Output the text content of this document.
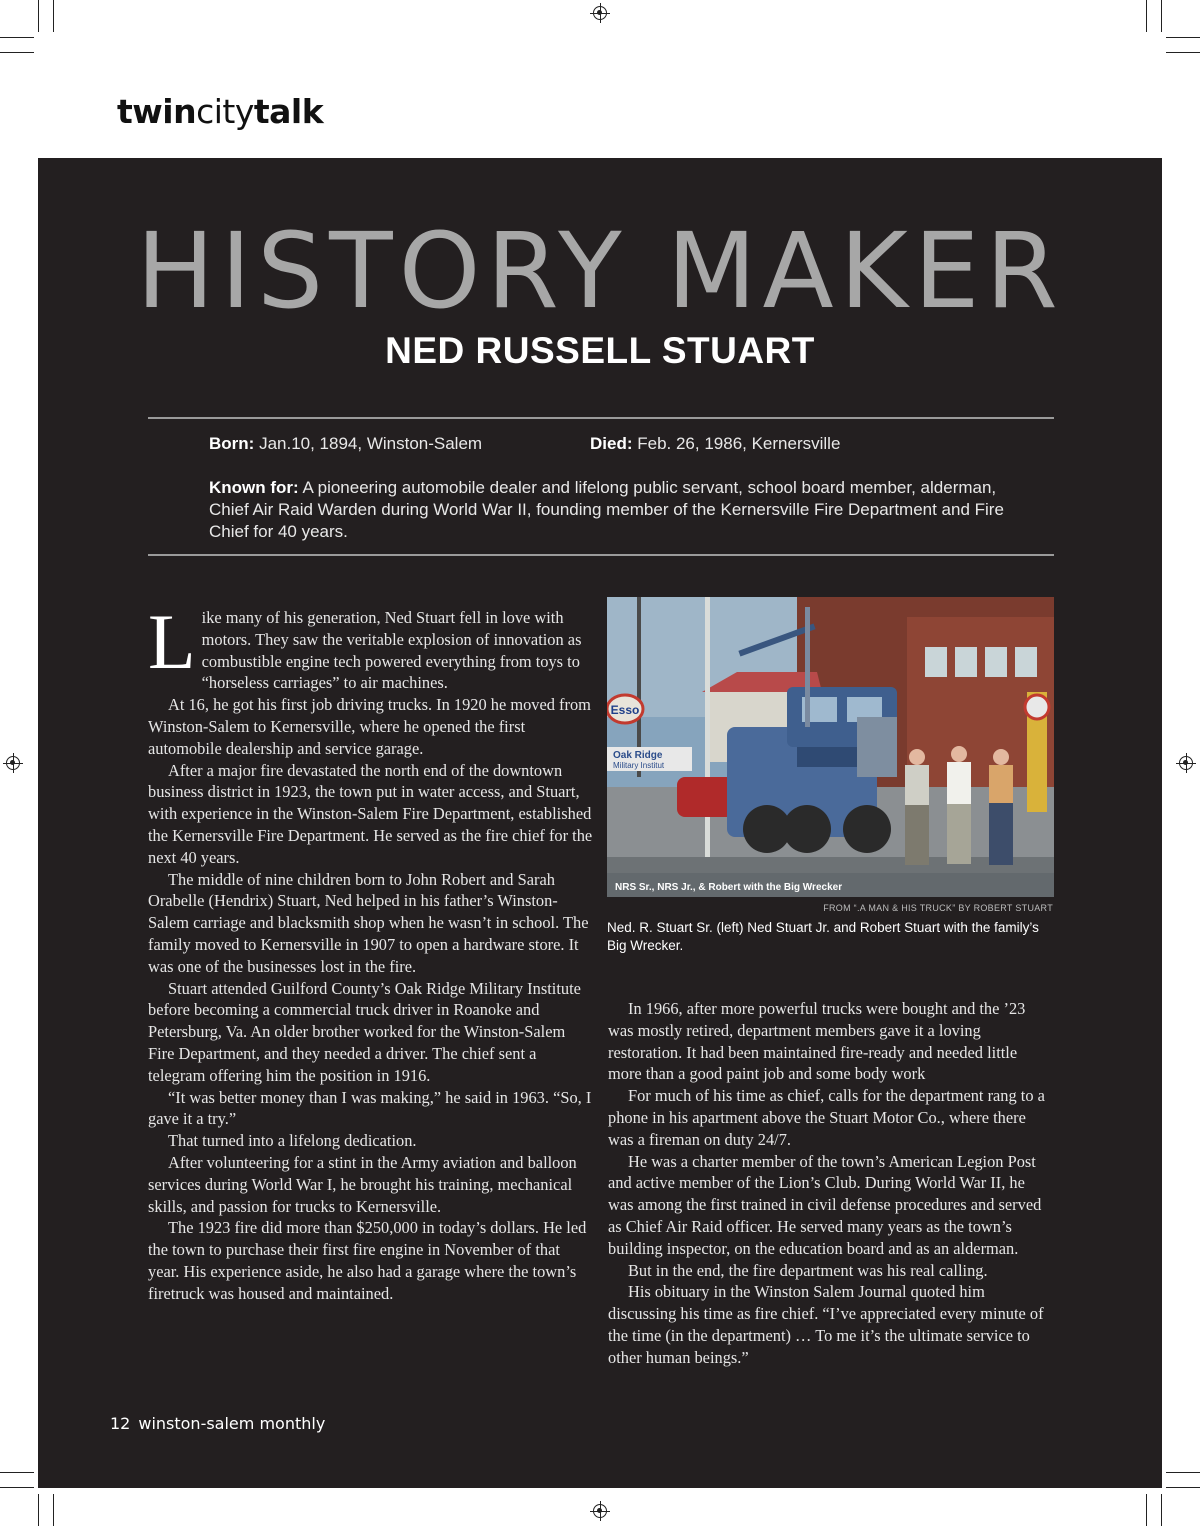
twincitytalk
HISTORY MAKER
NED RUSSELL STUART
Born: Jan.10, 1894, Winston-Salem	Died: Feb. 26, 1986, Kernersville
Known for: A pioneering automobile dealer and lifelong public servant, school board member, alderman, Chief Air Raid Warden during World War II, founding member of the Kernersville Fire Department and Fire Chief for 40 years.

Like many of his generation, Ned Stuart fell in love with motors. They saw the veritable explosion of innovation as combustible engine tech powered everything from toys to “horseless carriages” to air machines.

At 16, he got his first job driving trucks. In 1920 he moved from Winston-Salem to Kernersville, where he opened the first automobile dealership and service garage.

After a major fire devastated the north end of the downtown business district in 1923, the town put in water access, and Stuart, with experience in the Winston-Salem Fire Department, established the Kernersville Fire Department. He served as the fire chief for the next 40 years.

The middle of nine children born to John Robert and Sarah Orabelle (Hendrix) Stuart, Ned helped in his father’s Winston-Salem carriage and blacksmith shop when he wasn’t in school. The family moved to Kernersville in 1907 to open a hardware store. It was one of the businesses lost in the fire.

Stuart attended Guilford County’s Oak Ridge Military Institute before becoming a commercial truck driver in Roanoke and Petersburg, Va. An older brother worked for the Winston-Salem Fire Department, and they needed a driver. The chief sent a telegram offering him the position in 1916.

“It was better money than I was making,” he said in 1963. “So, I gave it a try.”

That turned into a lifelong dedication.

After volunteering for a stint in the Army aviation and balloon services during World War I, he brought his training, mechanical skills, and passion for trucks to Kernersville.

The 1923 fire did more than $250,000 in today’s dollars. He led the town to purchase their first fire engine in November of that year. His experience aside, he also had a garage where the town’s firetruck was housed and maintained.

Esso
Oak Ridge
Military Institut
NRS Sr., NRS Jr., & Robert with the Big Wrecker
FROM “.A MAN & HIS TRUCK” BY ROBERT STUART
Ned. R. Stuart Sr. (left) Ned Stuart Jr. and Robert Stuart with the family’s Big Wrecker.

In 1966, after more powerful trucks were bought and the ’23 was mostly retired, department members gave it a loving restoration. It had been maintained fire-ready and needed little more than a good paint job and some body work

For much of his time as chief, calls for the department rang to a phone in his apartment above the Stuart Motor Co., where there was a fireman on duty 24/7.

He was a charter member of the town’s American Legion Post and active member of the Lion’s Club. During World War II, he was among the first trained in civil defense procedures and served as Chief Air Raid officer. He served many years as the town’s building inspector, on the education board and as an alderman.

But in the end, the fire department was his real calling.

His obituary in the Winston Salem Journal quoted him discussing his time as fire chief. “I’ve appreciated every minute of the time (in the department) … To me it’s the ultimate service to other human beings.”

12 winston-salem monthly
